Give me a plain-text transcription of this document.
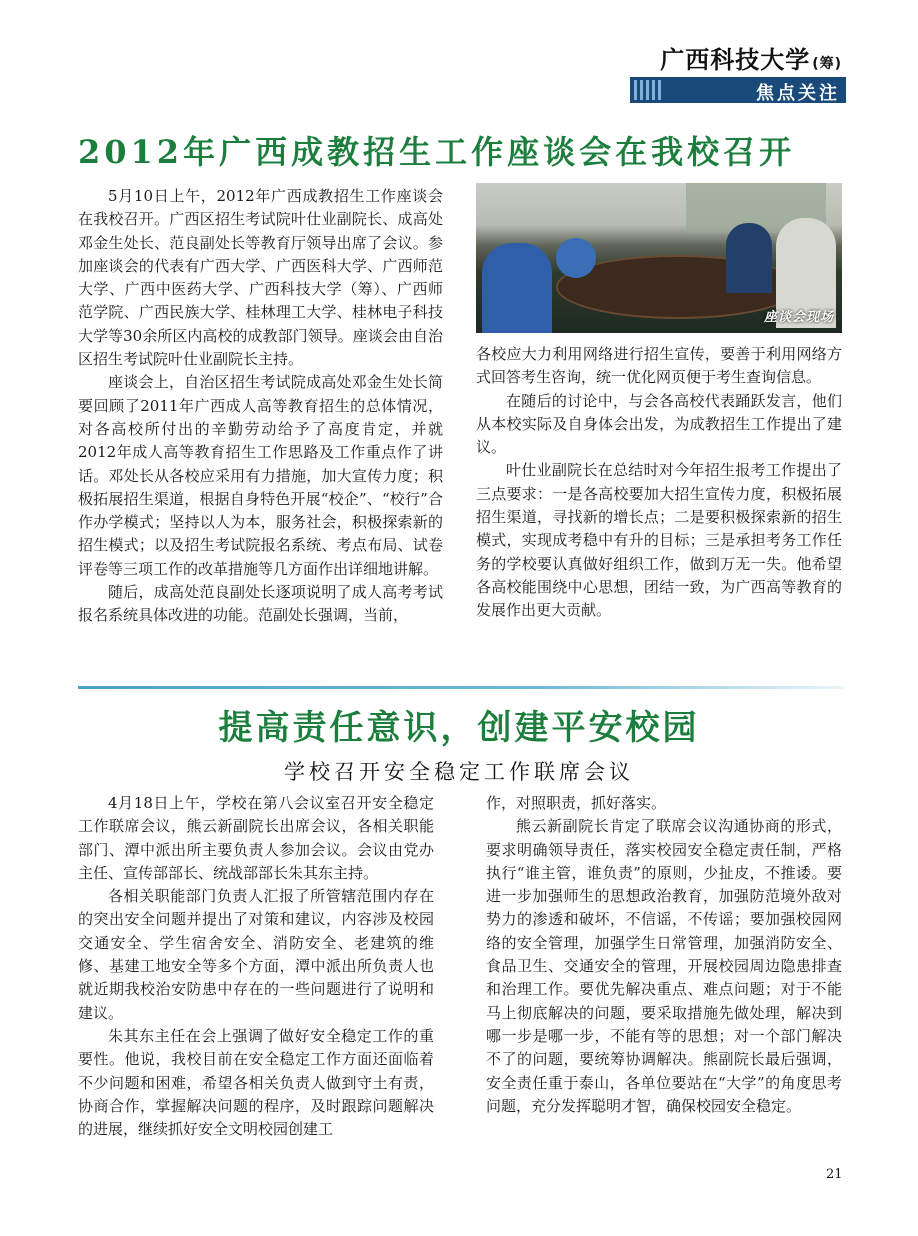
广西科技大学 (筹)
焦点关注
2012年广西成教招生工作座谈会在我校召开

5月10日上午，2012年广西成教招生工作座谈会在我校召开。广西区招生考试院叶仕业副院长、成高处邓金生处长、范良副处长等教育厅领导出席了会议。参加座谈会的代表有广西大学、广西医科大学、广西师范大学、广西中医药大学、广西科技大学（筹）、广西师范学院、广西民族大学、桂林理工大学、桂林电子科技大学等30余所区内高校的成教部门领导。座谈会由自治区招生考试院叶仕业副院长主持。

座谈会上，自治区招生考试院成高处邓金生处长简要回顾了2011年广西成人高等教育招生的总体情况，对各高校所付出的辛勤劳动给予了高度肯定，并就2012年成人高等教育招生工作思路及工作重点作了讲话。邓处长从各校应采用有力措施，加大宣传力度；积极拓展招生渠道，根据自身特色开展“校企”、“校行”合作办学模式；坚持以人为本，服务社会，积极探索新的招生模式；以及招生考试院报名系统、考点布局、试卷评卷等三项工作的改革措施等几方面作出详细地讲解。

随后，成高处范良副处长逐项说明了成人高考考试报名系统具体改进的功能。范副处长强调，当前，

座谈会现场

各校应大力利用网络进行招生宣传，要善于利用网络方式回答考生咨询，统一优化网页便于考生查询信息。

在随后的讨论中，与会各高校代表踊跃发言，他们从本校实际及自身体会出发，为成教招生工作提出了建议。

叶仕业副院长在总结时对今年招生报考工作提出了三点要求：一是各高校要加大招生宣传力度，积极拓展招生渠道，寻找新的增长点；二是要积极探索新的招生模式，实现成考稳中有升的目标；三是承担考务工作任务的学校要认真做好组织工作，做到万无一失。他希望各高校能围绕中心思想，团结一致，为广西高等教育的发展作出更大贡献。

提高责任意识，创建平安校园
学校召开安全稳定工作联席会议

4月18日上午，学校在第八会议室召开安全稳定工作联席会议，熊云新副院长出席会议，各相关职能部门、潭中派出所主要负责人参加会议。会议由党办主任、宣传部部长、统战部部长朱其东主持。

各相关职能部门负责人汇报了所管辖范围内存在的突出安全问题并提出了对策和建议，内容涉及校园交通安全、学生宿舍安全、消防安全、老建筑的维修、基建工地安全等多个方面，潭中派出所负责人也就近期我校治安防患中存在的一些问题进行了说明和建议。

朱其东主任在会上强调了做好安全稳定工作的重要性。他说，我校目前在安全稳定工作方面还面临着不少问题和困难，希望各相关负责人做到守土有责，协商合作，掌握解决问题的程序，及时跟踪问题解决的进展，继续抓好安全文明校园创建工

作，对照职责，抓好落实。

熊云新副院长肯定了联席会议沟通协商的形式，要求明确领导责任，落实校园安全稳定责任制，严格执行“谁主管，谁负责”的原则，少扯皮，不推诿。要进一步加强师生的思想政治教育，加强防范境外敌对势力的渗透和破坏，不信谣，不传谣；要加强校园网络的安全管理，加强学生日常管理，加强消防安全、食品卫生、交通安全的管理，开展校园周边隐患排查和治理工作。要优先解决重点、难点问题；对于不能马上彻底解决的问题，要采取措施先做处理，解决到哪一步是哪一步，不能有等的思想；对一个部门解决不了的问题，要统筹协调解决。熊副院长最后强调，安全责任重于泰山，各单位要站在“大学”的角度思考问题，充分发挥聪明才智，确保校园安全稳定。

21
